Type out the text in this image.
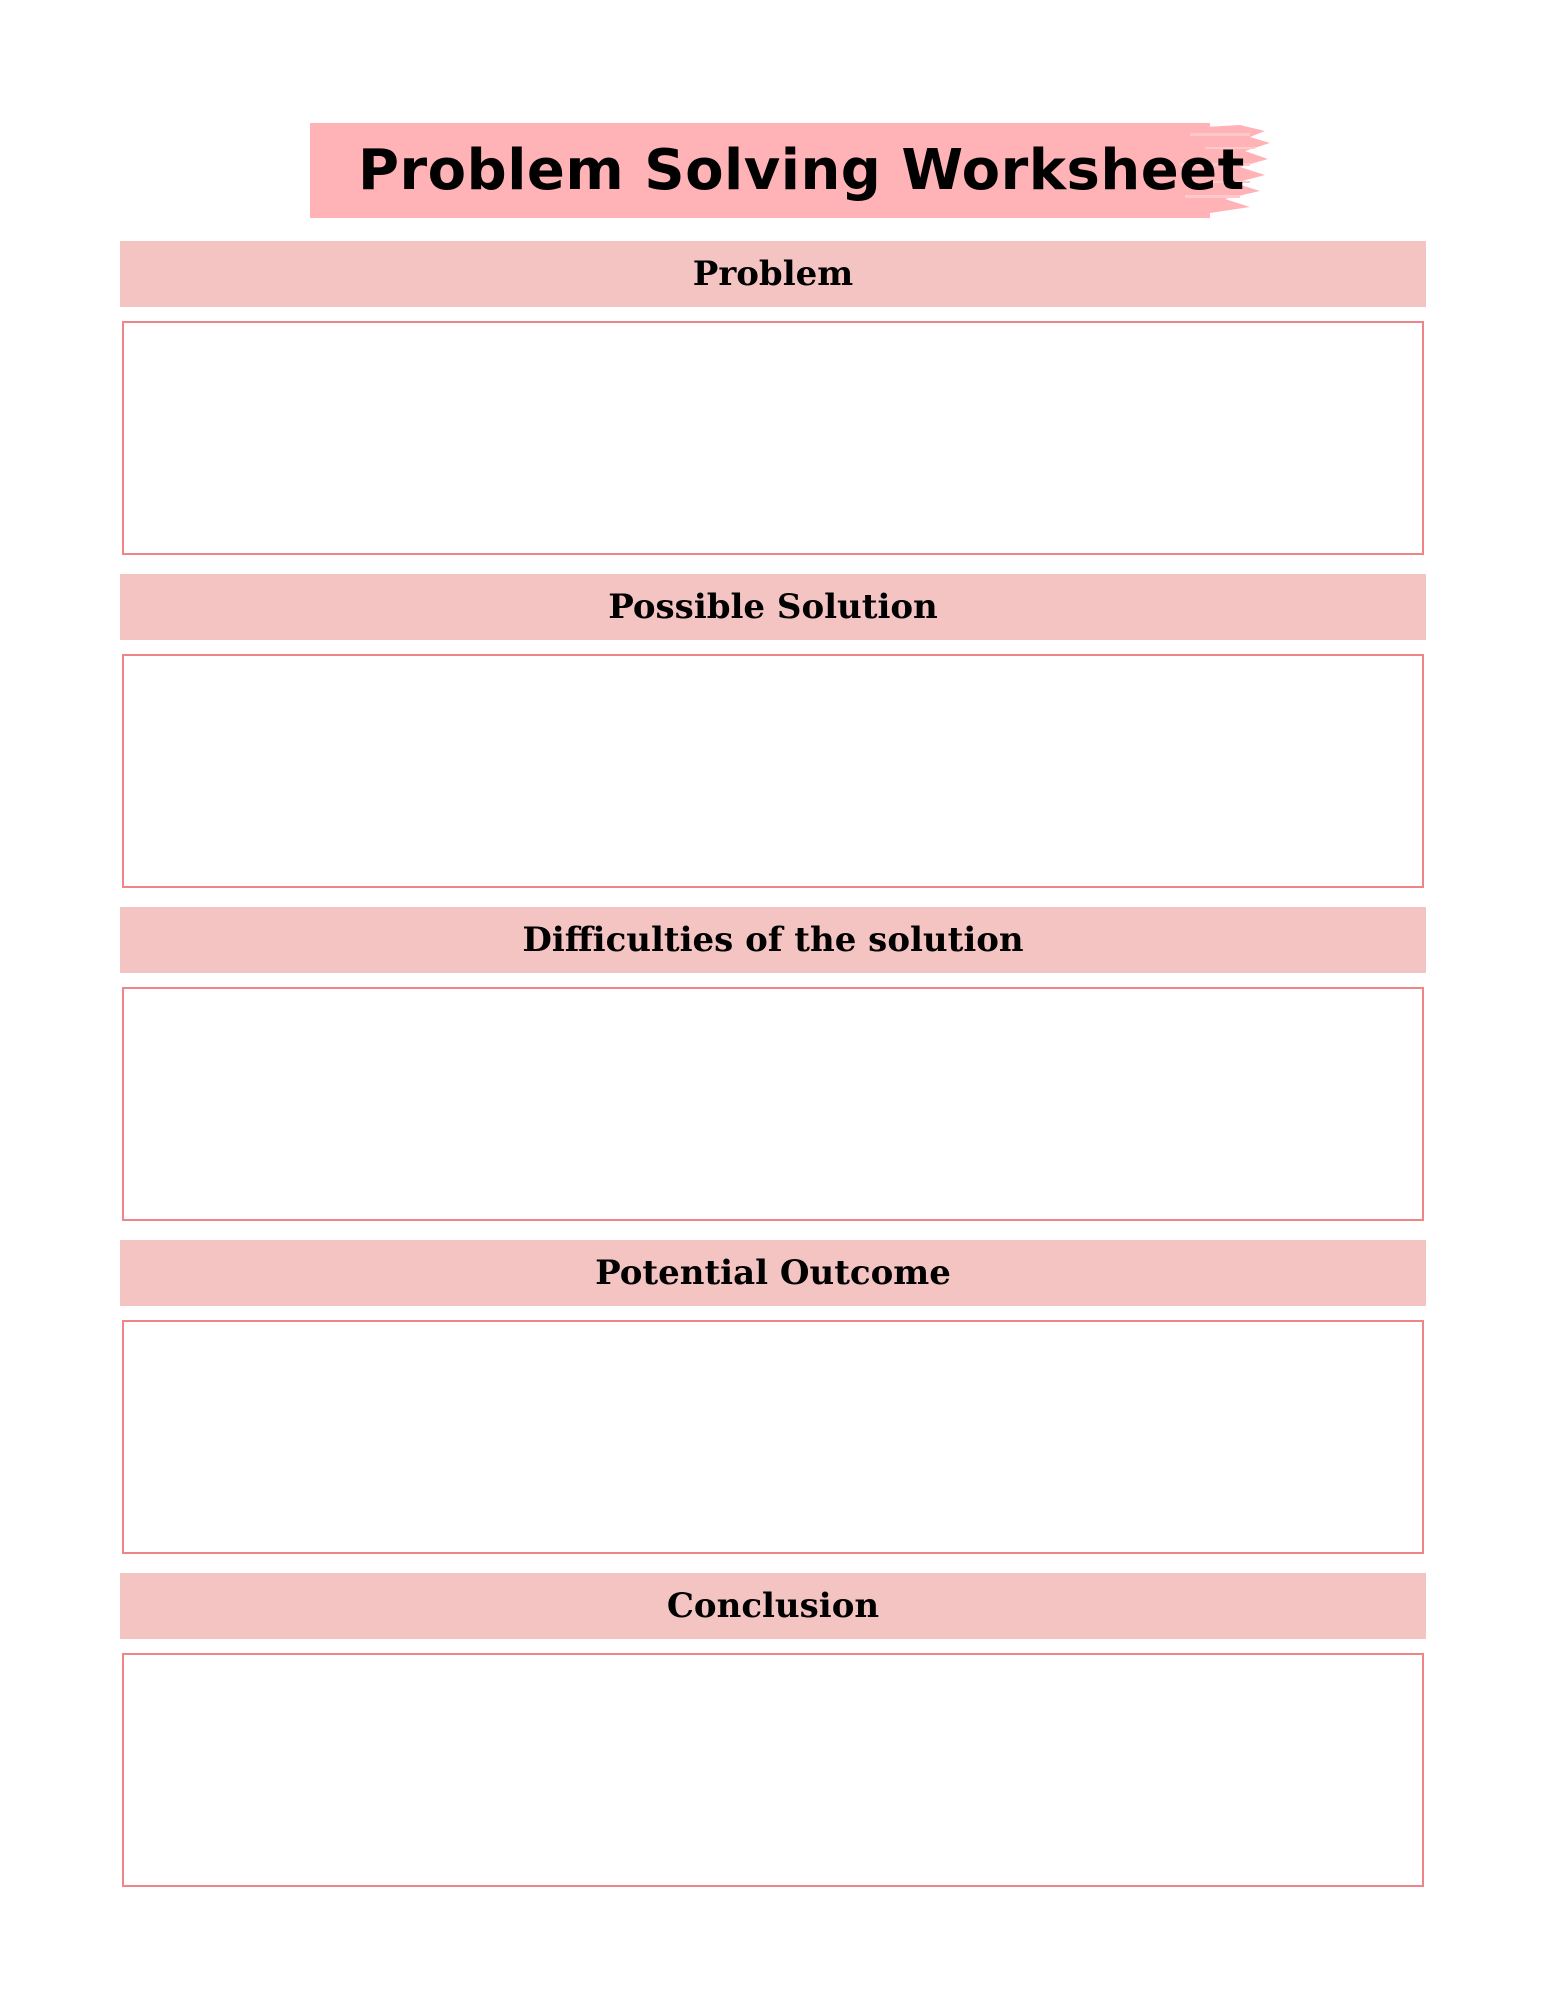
Problem Solving Worksheet
Problem
Possible Solution
Difficulties of the solution
Potential Outcome
Conclusion
